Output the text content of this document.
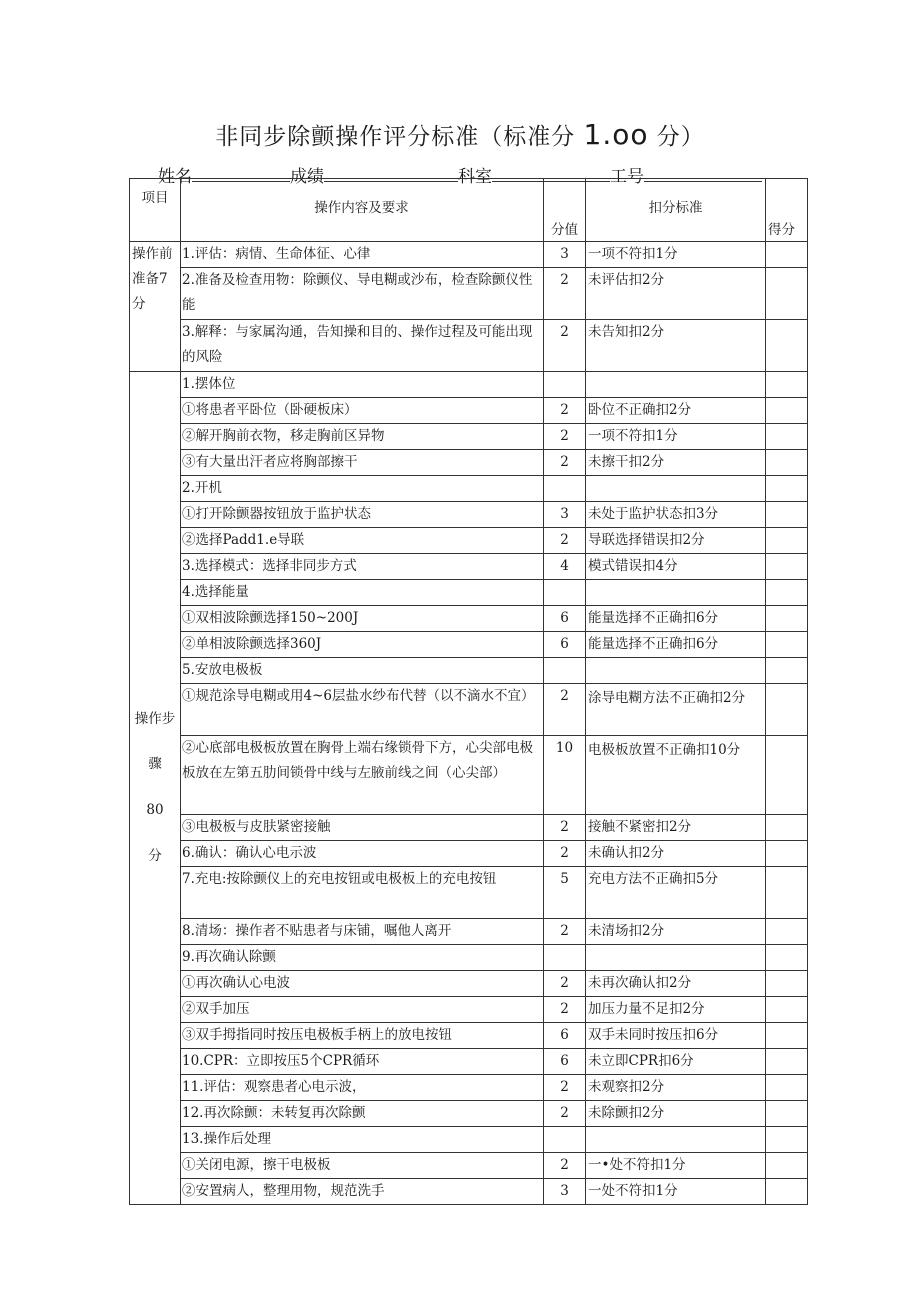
非同步除颤操作评分标准（标准分 1.oo 分）
姓名	成绩	科室	工号
项目	操作内容及要求	分值	扣分标准	得分
操作前准备7分	1.评估：病情、生命体征、心律	3	一项不符扣1分	
	2.准备及检查用物：除颤仪、导电糊或沙布，检查除颤仪性能	2	未评估扣2分	
	3.解释：与家属沟通，告知操和目的、操作过程及可能出现的风险	2	未告知扣2分	

操作步
骤
80
分	1.摆体位			
	①将患者平卧位（卧硬板床）	2	卧位不正确扣2分	
	②解开胸前衣物，移走胸前区异物	2	一项不符扣1分	
	③有大量出汗者应将胸部擦干	2	未擦干扣2分	
	2.开机			
	①打开除颤器按钮放于监护状态	3	未处于监护状态扣3分	
	②选择Padd1.e导联	2	导联选择错误扣2分	
	3.选择模式：选择非同步方式	4	模式错误扣4分	
	4.选择能量			
	①双相波除颤选择150~200J	6	能量选择不正确扣6分	
	②单相波除颤选择360J	6	能量选择不正确扣6分	
	5.安放电极板			
	①规范涂导电糊或用4~6层盐水纱布代替（以不滴水不宜）	2	涂导电糊方法不正确扣2分	
	②心底部电极板放置在胸骨上端右缘锁骨下方，心尖部电极板放在左第五肋间锁骨中线与左腋前线之间（心尖部）	10	电极板放置不正确扣10分	
	③电极板与皮肤紧密接触	2	接触不紧密扣2分	
	6.确认：确认心电示波	2	未确认扣2分	
	7.充电:按除颤仪上的充电按钮或电极板上的充电按钮	5	充电方法不正确扣5分	
	8.清场：操作者不贴患者与床铺，嘱他人离开	2	未清场扣2分	
	9.再次确认除颤			
	①再次确认心电波	2	未再次确认扣2分	
	②双手加压	2	加压力量不足扣2分	
	③双手拇指同时按压电极板手柄上的放电按钮	6	双手未同时按压扣6分	
	10.CPR：立即按压5个CPR循环	6	未立即CPR扣6分	
	11.评估：观察患者心电示波，	2	未观察扣2分	
	12.再次除颤：未转复再次除颤	2	未除颤扣2分	
	13.操作后处理			
	①关闭电源，擦干电极板	2	一•处不符扣1分	
	②安置病人，整理用物，规范洗手	3	一处不符扣1分	
